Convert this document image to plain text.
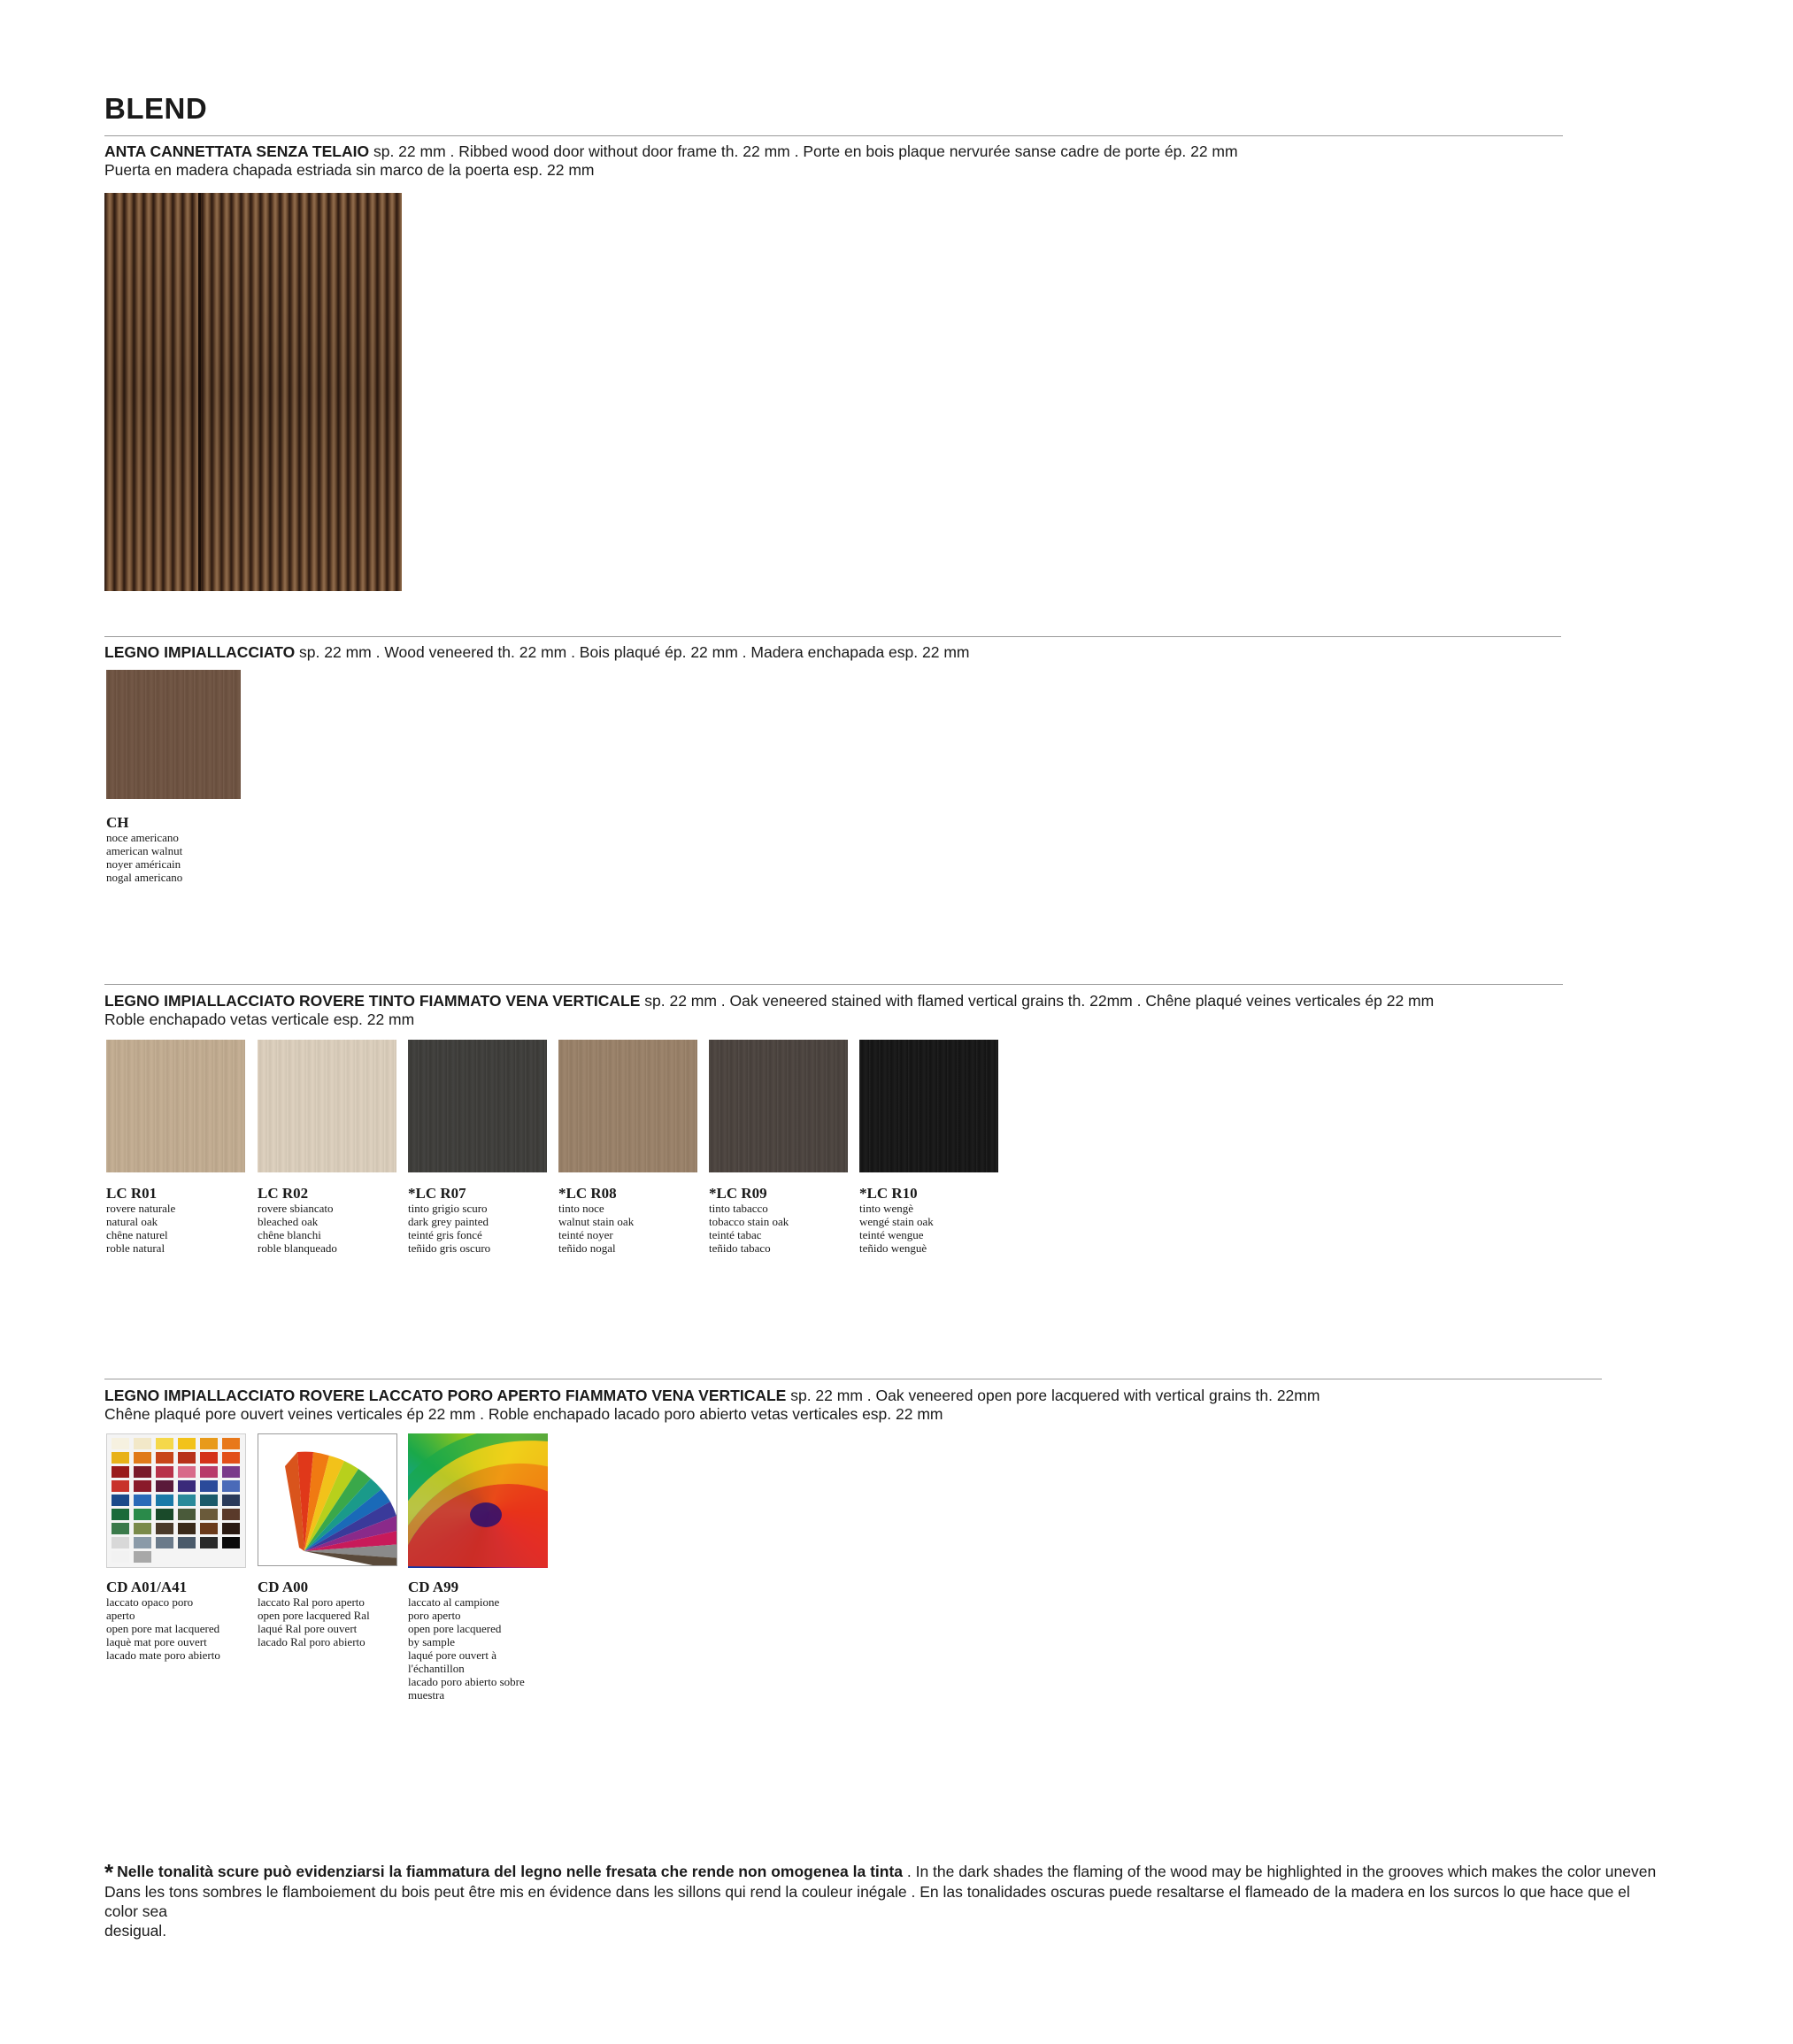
BLEND
ANTA CANNETTATA SENZA TELAIO sp. 22 mm . Ribbed wood door without door frame th. 22 mm . Porte en bois plaque nervurée sanse cadre de porte ép. 22 mm
Puerta en madera chapada estriada sin marco de la poerta esp. 22 mm
LEGNO IMPIALLACCIATO sp. 22 mm . Wood veneered th. 22 mm . Bois plaqué ép. 22 mm . Madera enchapada esp. 22 mm
CH
noce americano
american walnut
noyer américain
nogal americano
LEGNO IMPIALLACCIATO ROVERE TINTO FIAMMATO VENA VERTICALE sp. 22 mm . Oak veneered stained with flamed vertical grains th. 22mm . Chêne plaqué veines verticales ép 22 mm
Roble enchapado vetas verticale esp. 22 mm
LC R01
rovere naturale
natural oak
chêne naturel
roble natural
LC R02
rovere sbiancato
bleached oak
chêne blanchi
roble blanqueado
*LC R07
tinto grigio scuro
dark grey painted
teinté gris foncé
teñido gris oscuro
*LC R08
tinto noce
walnut stain oak
teinté noyer
teñido nogal
*LC R09
tinto tabacco
tobacco stain oak
teinté tabac
teñido tabaco
*LC R10
tinto wengè
wengé stain oak
teinté wengue
teñido wenguè
LEGNO IMPIALLACCIATO ROVERE LACCATO PORO APERTO FIAMMATO VENA VERTICALE sp. 22 mm . Oak veneered open pore lacquered with vertical grains th. 22mm
Chêne plaqué pore ouvert veines verticales ép 22 mm . Roble enchapado lacado poro abierto vetas verticales esp. 22 mm
CD A01/A41
laccato opaco poro
aperto
open pore mat lacquered
laquè mat pore ouvert
lacado mate poro abierto
CD A00
laccato Ral poro aperto
open pore lacquered Ral
laqué Ral pore ouvert
lacado Ral poro abierto
CD A99
laccato al campione
poro aperto
open pore lacquered
by sample
laqué pore ouvert à
l'échantillon
lacado poro abierto sobre
muestra
* Nelle tonalità scure può evidenziarsi la fiammatura del legno nelle fresata che rende non omogenea la tinta . In the dark shades the flaming of the wood may be highlighted in the grooves which makes the color uneven
Dans les tons sombres le flamboiement du bois peut être mis en évidence dans les sillons qui rend la couleur inégale . En las tonalidades oscuras puede resaltarse el flameado de la madera en los surcos lo que hace que el color sea
desigual.
